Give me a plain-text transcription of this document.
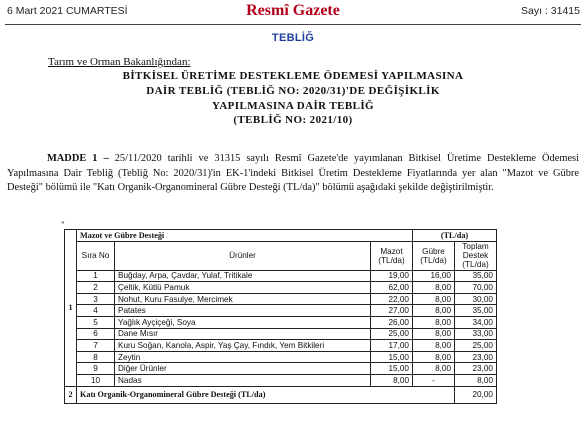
6 Mart 2021 CUMARTESİ	Resmî Gazete	Sayı : 31415
TEBLİĞ
Tarım ve Orman Bakanlığından:
BİTKİSEL ÜRETİME DESTEKLEME ÖDEMESİ YAPILMASINA
DAİR TEBLİĞ (TEBLİĞ NO: 2020/31)'DE DEĞİŞİKLİK
YAPILMASINA DAİR TEBLİĞ
(TEBLİĞ NO: 2021/10)
MADDE 1 – 25/11/2020 tarihli ve 31315 sayılı Resmî Gazete'de yayımlanan Bitkisel Üretime Destekleme Ödemesi Yapılmasına Dair Tebliğ (Tebliğ No: 2020/31)'in EK-1'indeki Bitkisel Üretim Destekleme Fiyatlarında yer alan "Mazot ve Gübre Desteği" bölümü ile "Katı Organik-Organomineral Gübre Desteği (TL/da)" bölümü aşağıdaki şekilde değiştirilmiştir.
"
1	Mazot ve Gübre Desteği			(TL/da)	
	Sıra No	Ürünler	Mazot (TL/da)	Gübre (TL/da)	Toplam Destek (TL/da)
	1	Buğday, Arpa, Çavdar, Yulaf, Tritikale	19,00	16,00	35,00
	2	Çeltik, Kütlü Pamuk	62,00	8,00	70,00
	3	Nohut, Kuru Fasulye, Mercimek	22,00	8,00	30,00
	4	Patates	27,00	8,00	35,00
	5	Yağlık Ayçiçeği, Soya	26,00	8,00	34,00
	6	Dane Mısır	25,00	8,00	33,00
	7	Kuru Soğan, Kanola, Aspir, Yaş Çay, Fındık, Yem Bitkileri	17,00	8,00	25,00
	8	Zeytin	15,00	8,00	23,00
	9	Diğer Ürünler	15,00	8,00	23,00
	10	Nadas	8,00	-	8,00
2	Katı Organik-Organomineral Gübre Desteği (TL/da)				20,00
